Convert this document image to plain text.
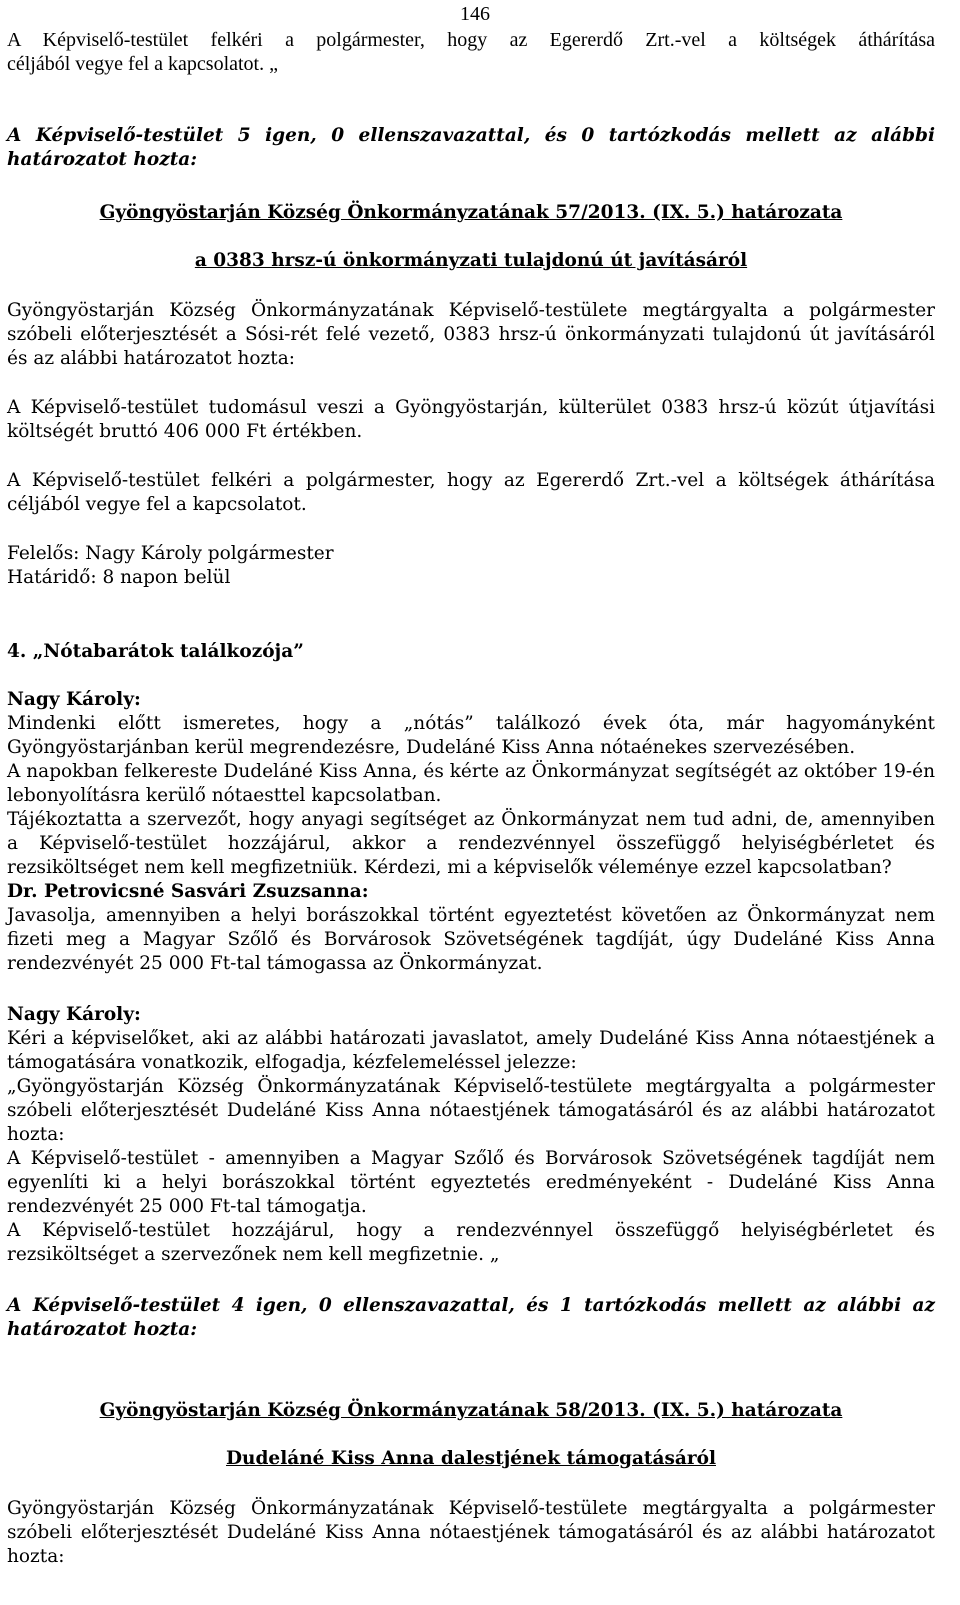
146

A Képviselő-testület felkéri a polgármester, hogy az Egererdő Zrt.-vel a költségek áthárítása
céljából vegye fel a kapcsolatot. „

A Képviselő-testület 5 igen, 0 ellenszavazattal, és 0 tartózkodás mellett az alábbi
határozatot hozta:

Gyöngyöstarján Község Önkormányzatának 57/2013. (IX. 5.) határozata

a 0383 hrsz-ú önkormányzati tulajdonú út javításáról

Gyöngyöstarján Község Önkormányzatának Képviselő-testülete megtárgyalta a polgármester szóbeli előterjesztését a Sósi-rét felé vezető, 0383 hrsz-ú önkormányzati tulajdonú út javításáról
és az alábbi határozatot hozta:

A Képviselő-testület tudomásul veszi a Gyöngyöstarján, külterület 0383 hrsz-ú közút útjavítási
költségét bruttó 406 000 Ft értékben.

A Képviselő-testület felkéri a polgármester, hogy az Egererdő Zrt.-vel a költségek áthárítása
céljából vegye fel a kapcsolatot.

Felelős: Nagy Károly polgármester
Határidő: 8 napon belül

4. „Nótabarátok találkozója”

Nagy Károly:

Mindenki előtt ismeretes, hogy a „nótás” találkozó évek óta, már hagyományként
Gyöngyöstarjánban kerül megrendezésre, Dudeláné Kiss Anna nótaénekes szervezésében.

A napokban felkereste Dudeláné Kiss Anna, és kérte az Önkormányzat segítségét az október 19-én
lebonyolításra kerülő nótaesttel kapcsolatban.

Tájékoztatta a szervezőt, hogy anyagi segítséget az Önkormányzat nem tud adni, de, amennyiben a Képviselő-testület hozzájárul, akkor a rendezvénnyel összefüggő helyiségbérletet és
rezsiköltséget nem kell megfizetniük. Kérdezi, mi a képviselők véleménye ezzel kapcsolatban?

Dr. Petrovicsné Sasvári Zsuzsanna:

Javasolja, amennyiben a helyi borászokkal történt egyeztetést követően az Önkormányzat nem fizeti meg a Magyar Szőlő és Borvárosok Szövetségének tagdíját, úgy Dudeláné Kiss Anna
rendezvényét 25 000 Ft-tal támogassa az Önkormányzat.

Nagy Károly:

Kéri a képviselőket, aki az alábbi határozati javaslatot, amely Dudeláné Kiss Anna nótaestjének a
támogatására vonatkozik, elfogadja, kézfelemeléssel jelezze:

„Gyöngyöstarján Község Önkormányzatának Képviselő-testülete megtárgyalta a polgármester szóbeli előterjesztését Dudeláné Kiss Anna nótaestjének támogatásáról és az alábbi határozatot
hozta:

A Képviselő-testület - amennyiben a Magyar Szőlő és Borvárosok Szövetségének tagdíját nem egyenlíti ki a helyi borászokkal történt egyeztetés eredményeként - Dudeláné Kiss Anna
rendezvényét 25 000 Ft-tal támogatja.

A Képviselő-testület hozzájárul, hogy a rendezvénnyel összefüggő helyiségbérletet és
rezsiköltséget a szervezőnek nem kell megfizetnie. „

A Képviselő-testület 4 igen, 0 ellenszavazattal, és 1 tartózkodás mellett az alábbi az
határozatot hozta:

Gyöngyöstarján Község Önkormányzatának 58/2013. (IX. 5.) határozata

Dudeláné Kiss Anna dalestjének támogatásáról

Gyöngyöstarján Község Önkormányzatának Képviselő-testülete megtárgyalta a polgármester szóbeli előterjesztését Dudeláné Kiss Anna nótaestjének támogatásáról és az alábbi határozatot
hozta:
